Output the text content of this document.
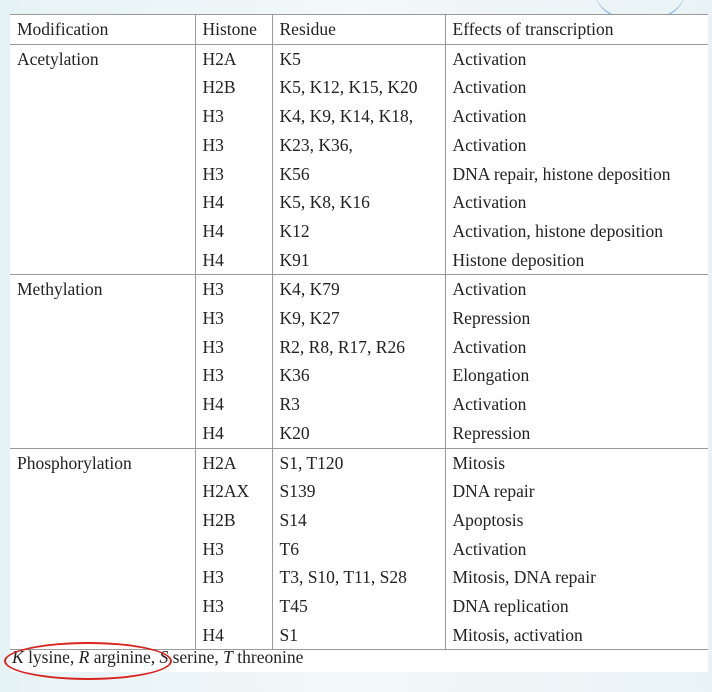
Modification	Histone	Residue	Effects of transcription
Acetylation	H2A	K5	Activation
	H2B	K5, K12, K15, K20	Activation
	H3	K4, K9, K14, K18,	Activation
	H3	K23, K36,	Activation
	H3	K56	DNA repair, histone deposition
	H4	K5, K8, K16	Activation
	H4	K12	Activation, histone deposition
	H4	K91	Histone deposition
Methylation	H3	K4, K79	Activation
	H3	K9, K27	Repression
	H3	R2, R8, R17, R26	Activation
	H3	K36	Elongation
	H4	R3	Activation
	H4	K20	Repression
Phosphorylation	H2A	S1, T120	Mitosis
	H2AX	S139	DNA repair
	H2B	S14	Apoptosis
	H3	T6	Activation
	H3	T3, S10, T11, S28	Mitosis, DNA repair
	H3	T45	DNA replication
	H4	S1	Mitosis, activation
K lysine, R arginine, S serine, T threonine
